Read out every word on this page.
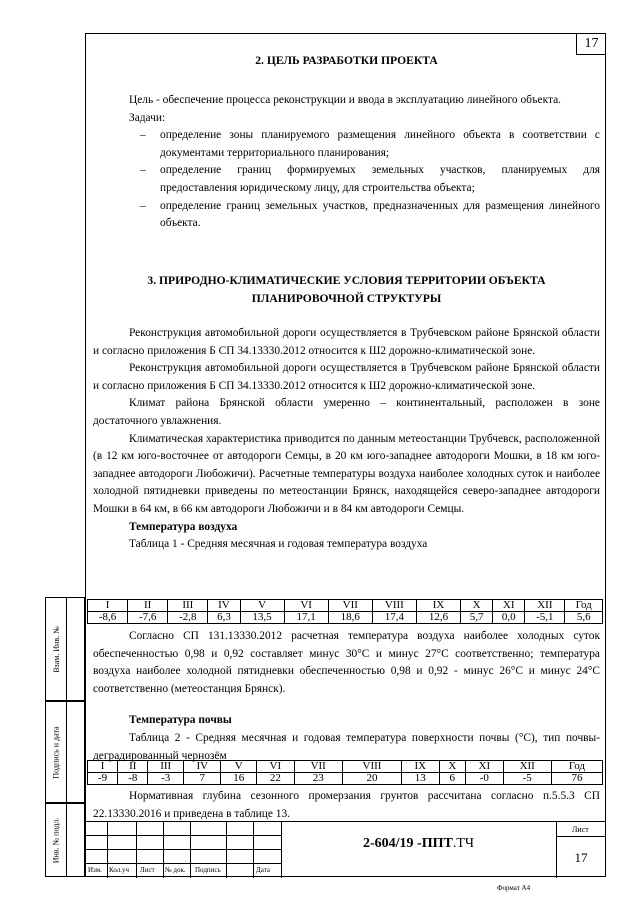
17
Взам. Инв. №
Подпись и дата
Инв. № подл.
2. ЦЕЛЬ РАЗРАБОТКИ ПРОЕКТА

Цель - обеспечение процесса реконструкции и ввода в эксплуатацию линейного объекта.

Задачи:

– определение зоны планируемого размещения линейного объекта в соответствии с документами территориального планирования;
– определение границ формируемых земельных участков, планируемых для предоставления юридическому лицу, для строительства объекта;
– определение границ земельных участков, предназначенных для размещения линейного объекта.
3. ПРИРОДНО-КЛИМАТИЧЕСКИЕ УСЛОВИЯ ТЕРРИТОРИИ ОБЪЕКТА
ПЛАНИРОВОЧНОЙ СТРУКТУРЫ

Реконструкция автомобильной дороги осуществляется в Трубчевском районе Брянской области и согласно приложения Б СП 34.13330.2012 относится к Ш2 дорожно-климатической зоне.

Реконструкция автомобильной дороги осуществляется в Трубчевском районе Брянской области и согласно приложения Б СП 34.13330.2012 относится к Ш2 дорожно-климатической зоне.

Климат района Брянской области умеренно – континентальный, расположен в зоне достаточного увлажнения.

Климатическая характеристика приводится по данным метеостанции Трубчевск, расположенной (в 12 км юго-восточнее от автодороги Семцы, в 20 км юго-западнее автодороги Мошки, в 18 км юго-западнее автодороги Любожичи). Расчетные температуры воздуха наиболее холодных суток и наиболее холодной пятидневки приведены по метеостанции Брянск, находящейся северо-западнее автодороги Мошки в 64 км, в 66 км автодороги Любожичи и в 84 км автодороги Семцы.

Температура воздуха

Таблица 1 - Средняя месячная и годовая температура воздуха

I	II	III	IV	V	VI	VII	VIII	IX	X	XI	XII	Год
-8,6	-7,6	-2,8	6,3	13,5	17,1	18,6	17,4	12,6	5,7	0,0	-5,1	5,6

Согласно СП 131.13330.2012 расчетная температура воздуха наиболее холодных суток обеспеченностью 0,98 и 0,92 составляет минус 30°С и минус 27°С соответственно; температура воздуха наиболее холодной пятидневки обеспеченностью 0,98 и 0,92 - минус 26°С и минус 24°С соответственно (метеостанция Брянск).

Температура почвы

Таблица 2 - Средняя месячная и годовая температура поверхности почвы (°С), тип почвы-деградированный чернозём

I	II	III	IV	V	VI	VII	VIII	IX	X	XI	XII	Год
-9	-8	-3	7	16	22	23	20	13	6	-0	-5	76

Нормативная глубина сезонного промерзания грунтов рассчитана согласно п.5.5.3 СП 22.13330.2016 и приведена в таблице 13.

Изм. Кол.уч Лист № док. Подпись	Дата
2-604/19 -ППТ.ТЧ
Лист
17
Формат А4
